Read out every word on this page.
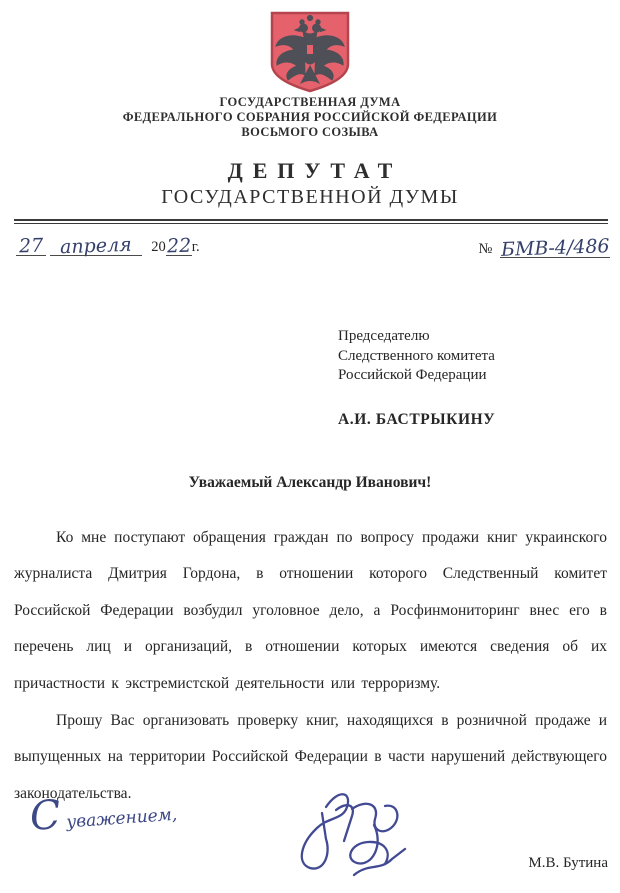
ГОСУДАРСТВЕННАЯ ДУМА
ФЕДЕРАЛЬНОГО СОБРАНИЯ РОССИЙСКОЙ ФЕДЕРАЦИИ
ВОСЬМОГО СОЗЫВА
ДЕПУТАТ
ГОСУДАРСТВЕННОЙ ДУМЫ
27 апреля 2022г.	№ БМВ-4/486
Председателю
Следственного комитета
Российской Федерации
А.И. БАСТРЫКИНУ
Уважаемый Александр Иванович!

Ко мне поступают обращения граждан по вопросу продажи книг украинского журналиста Дмитрия Гордона, в отношении которого Следственный комитет Российской Федерации возбудил уголовное дело, а Росфинмониторинг внес его в перечень лиц и организаций, в отношении которых имеются сведения об их причастности к экстремистской деятельности или терроризму.

Прошу Вас организовать проверку книг, находящихся в розничной продаже и выпущенных на территории Российской Федерации в части нарушений действующего законодательства.

С уважением,
М.В. Бутина
